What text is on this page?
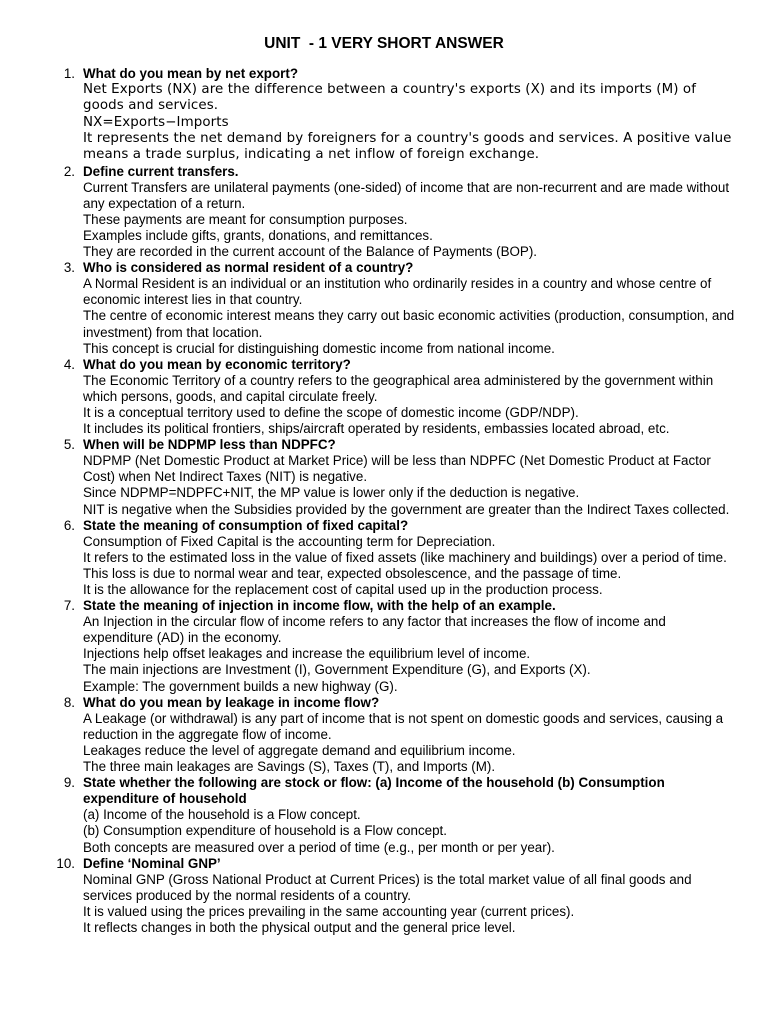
UNIT  - 1 VERY SHORT ANSWER
1. What do you mean by net export?
Net Exports (NX) are the difference between a country's exports (X) and its imports (M) of goods and services.
NX=Exports−Imports
It represents the net demand by foreigners for a country's goods and services. A positive value means a trade surplus, indicating a net inflow of foreign exchange.
2. Define current transfers.
Current Transfers are unilateral payments (one-sided) of income that are non-recurrent and are made without any expectation of a return.
These payments are meant for consumption purposes.
Examples include gifts, grants, donations, and remittances.
They are recorded in the current account of the Balance of Payments (BOP).
3. Who is considered as normal resident of a country?
A Normal Resident is an individual or an institution who ordinarily resides in a country and whose centre of economic interest lies in that country.
The centre of economic interest means they carry out basic economic activities (production, consumption, and investment) from that location.
This concept is crucial for distinguishing domestic income from national income.
4. What do you mean by economic territory?
The Economic Territory of a country refers to the geographical area administered by the government within which persons, goods, and capital circulate freely.
It is a conceptual territory used to define the scope of domestic income (GDP/NDP).
It includes its political frontiers, ships/aircraft operated by residents, embassies located abroad, etc.
5. When will be NDPMP less than NDPFC?
NDPMP (Net Domestic Product at Market Price) will be less than NDPFC (Net Domestic Product at Factor Cost) when Net Indirect Taxes (NIT) is negative.
Since NDPMP=NDPFC+NIT, the MP value is lower only if the deduction is negative.
NIT is negative when the Subsidies provided by the government are greater than the Indirect Taxes collected.
6. State the meaning of consumption of fixed capital?
Consumption of Fixed Capital is the accounting term for Depreciation.
It refers to the estimated loss in the value of fixed assets (like machinery and buildings) over a period of time.
This loss is due to normal wear and tear, expected obsolescence, and the passage of time.
It is the allowance for the replacement cost of capital used up in the production process.
7. State the meaning of injection in income flow, with the help of an example.
An Injection in the circular flow of income refers to any factor that increases the flow of income and expenditure (AD) in the economy.
Injections help offset leakages and increase the equilibrium level of income.
The main injections are Investment (I), Government Expenditure (G), and Exports (X).
Example: The government builds a new highway (G).
8. What do you mean by leakage in income flow?
A Leakage (or withdrawal) is any part of income that is not spent on domestic goods and services, causing a reduction in the aggregate flow of income.
Leakages reduce the level of aggregate demand and equilibrium income.
The three main leakages are Savings (S), Taxes (T), and Imports (M).
9. State whether the following are stock or flow: (a) Income of the household (b) Consumption expenditure of household
(a) Income of the household is a Flow concept.
(b) Consumption expenditure of household is a Flow concept.
Both concepts are measured over a period of time (e.g., per month or per year).
10. Define ‘Nominal GNP’
Nominal GNP (Gross National Product at Current Prices) is the total market value of all final goods and services produced by the normal residents of a country.
It is valued using the prices prevailing in the same accounting year (current prices).
It reflects changes in both the physical output and the general price level.
